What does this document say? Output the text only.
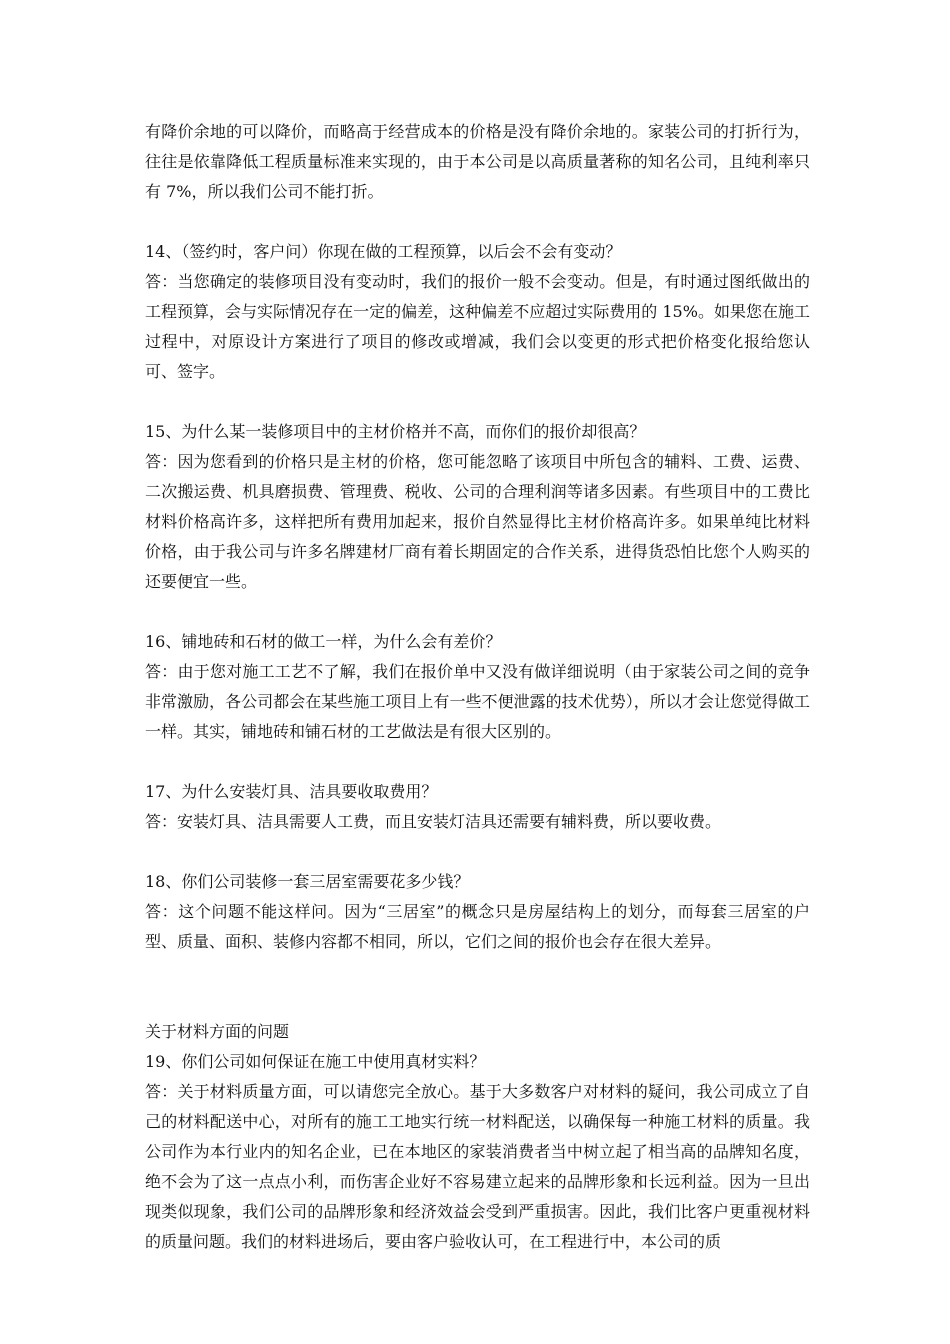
有降价余地的可以降价，而略高于经营成本的价格是没有降价余地的。家装公司的打折行为，往往是依靠降低工程质量标准来实现的，由于本公司是以高质量著称的知名公司，且纯利率只有 7%，所以我们公司不能打折。

14、（签约时，客户问）你现在做的工程预算，以后会不会有变动？

答：当您确定的装修项目没有变动时，我们的报价一般不会变动。但是，有时通过图纸做出的工程预算，会与实际情况存在一定的偏差，这种偏差不应超过实际费用的 15%。如果您在施工过程中，对原设计方案进行了项目的修改或增减，我们会以变更的形式把价格变化报给您认可、签字。

15、为什么某一装修项目中的主材价格并不高，而你们的报价却很高？

答：因为您看到的价格只是主材的价格，您可能忽略了该项目中所包含的辅料、工费、运费、二次搬运费、机具磨损费、管理费、税收、公司的合理利润等诸多因素。有些项目中的工费比材料价格高许多，这样把所有费用加起来，报价自然显得比主材价格高许多。如果单纯比材料价格，由于我公司与许多名牌建材厂商有着长期固定的合作关系，进得货恐怕比您个人购买的还要便宜一些。

16、铺地砖和石材的做工一样，为什么会有差价？

答：由于您对施工工艺不了解，我们在报价单中又没有做详细说明（由于家装公司之间的竞争非常激励，各公司都会在某些施工项目上有一些不便泄露的技术优势），所以才会让您觉得做工一样。其实，铺地砖和铺石材的工艺做法是有很大区别的。

17、为什么安装灯具、洁具要收取费用？

答：安装灯具、洁具需要人工费，而且安装灯洁具还需要有辅料费，所以要收费。

18、你们公司装修一套三居室需要花多少钱？

答：这个问题不能这样问。因为“三居室”的概念只是房屋结构上的划分，而每套三居室的户型、质量、面积、装修内容都不相同，所以，它们之间的报价也会存在很大差异。

关于材料方面的问题

19、你们公司如何保证在施工中使用真材实料？

答：关于材料质量方面，可以请您完全放心。基于大多数客户对材料的疑问，我公司成立了自己的材料配送中心，对所有的施工工地实行统一材料配送，以确保每一种施工材料的质量。我公司作为本行业内的知名企业，已在本地区的家装消费者当中树立起了相当高的品牌知名度，绝不会为了这一点点小利，而伤害企业好不容易建立起来的品牌形象和长远利益。因为一旦出现类似现象，我们公司的品牌形象和经济效益会受到严重损害。因此，我们比客户更重视材料的质量问题。我们的材料进场后，要由客户验收认可，在工程进行中，本公司的质
